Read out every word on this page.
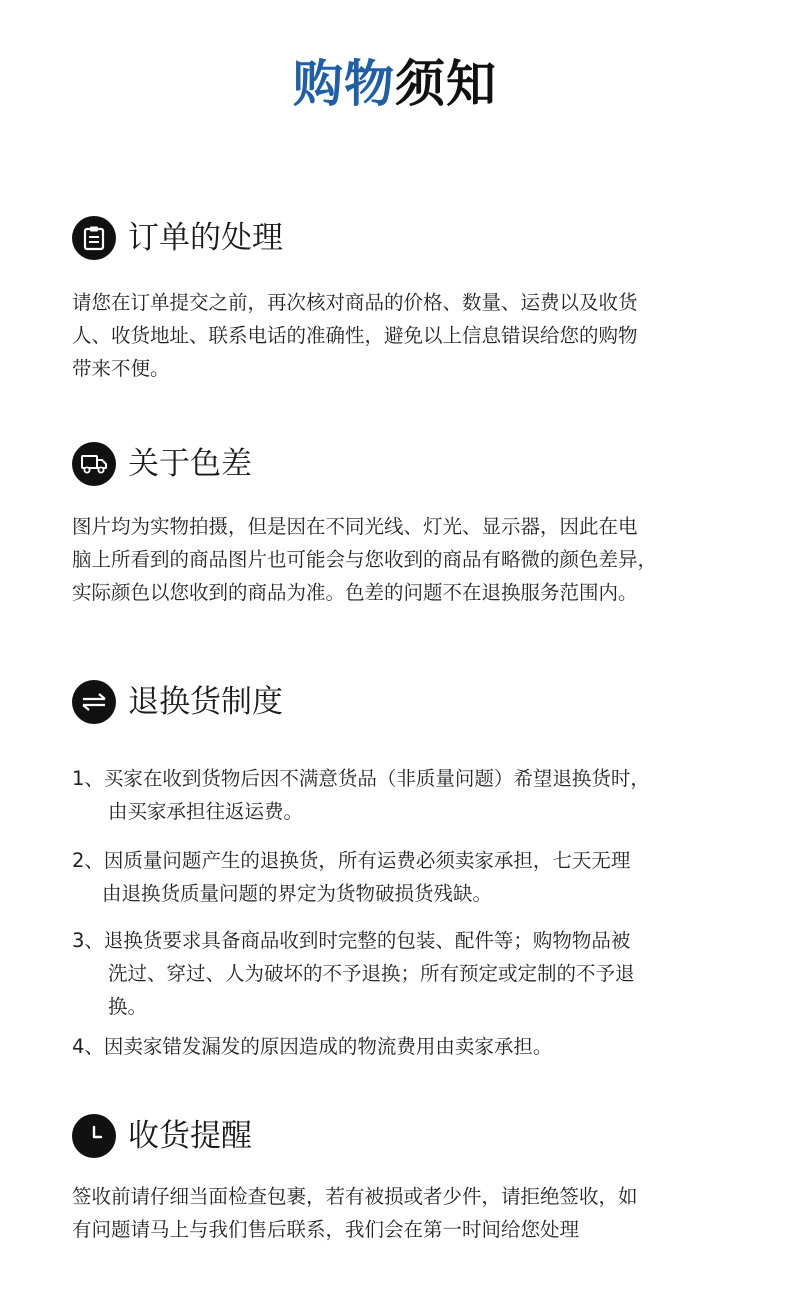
购物须知
订单的处理

请您在订单提交之前，再次核对商品的价格、数量、运费以及收货

人、收货地址、联系电话的准确性，避免以上信息错误给您的购物

带来不便。

关于色差

图片均为实物拍摄，但是因在不同光线、灯光、显示器，因此在电

脑上所看到的商品图片也可能会与您收到的商品有略微的颜色差异，

实际颜色以您收到的商品为准。色差的问题不在退换服务范围内。

退换货制度

1、买家在收到货物后因不满意货品（非质量问题）希望退换货时，

由买家承担往返运费。

2、因质量问题产生的退换货，所有运费必须卖家承担，七天无理

由退换货质量问题的界定为货物破损货残缺。

3、退换货要求具备商品收到时完整的包装、配件等；购物物品被

洗过、穿过、人为破坏的不予退换；所有预定或定制的不予退

换。

4、因卖家错发漏发的原因造成的物流费用由卖家承担。

收货提醒

签收前请仔细当面检查包裹，若有被损或者少件，请拒绝签收，如

有问题请马上与我们售后联系，我们会在第一时间给您处理
